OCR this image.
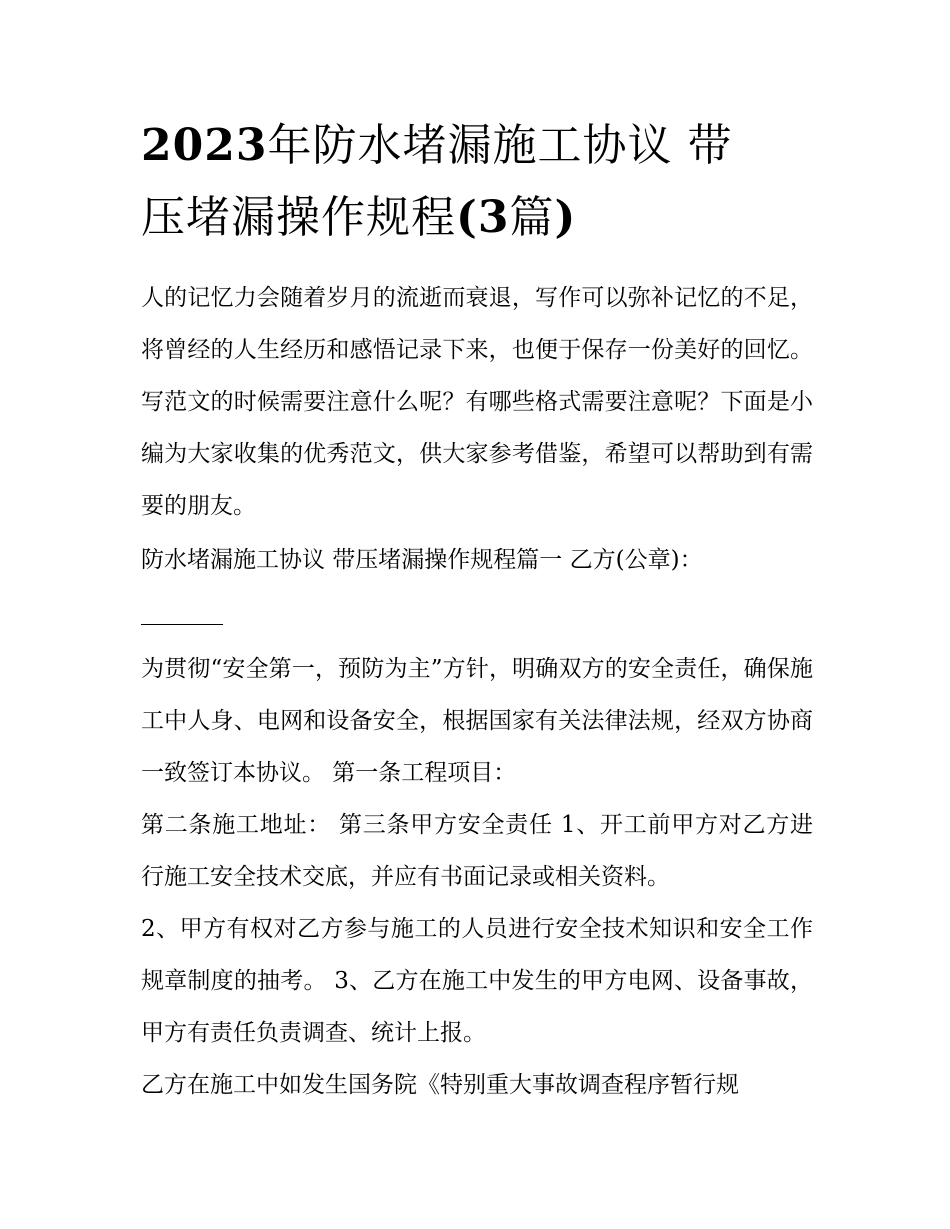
2023年防水堵漏施工协议 带
压堵漏操作规程(3篇)

人的记忆力会随着岁月的流逝而衰退，写作可以弥补记忆的不足，将曾经的人生经历和感悟记录下来，也便于保存一份美好的回忆。写范文的时候需要注意什么呢？有哪些格式需要注意呢？下面是小编为大家收集的优秀范文，供大家参考借鉴，希望可以帮助到有需要的朋友。

防水堵漏施工协议 带压堵漏操作规程篇一 乙方(公章)：

为贯彻“安全第一，预防为主”方针，明确双方的安全责任，确保施工中人身、电网和设备安全，根据国家有关法律法规，经双方协商一致签订本协议。 第一条工程项目：

第二条施工地址： 第三条甲方安全责任 1、开工前甲方对乙方进行施工安全技术交底，并应有书面记录或相关资料。

2、甲方有权对乙方参与施工的人员进行安全技术知识和安全工作规章制度的抽考。 3、乙方在施工中发生的甲方电网、设备事故，甲方有责任负责调查、统计上报。

乙方在施工中如发生国务院《特别重大事故调查程序暂行规
